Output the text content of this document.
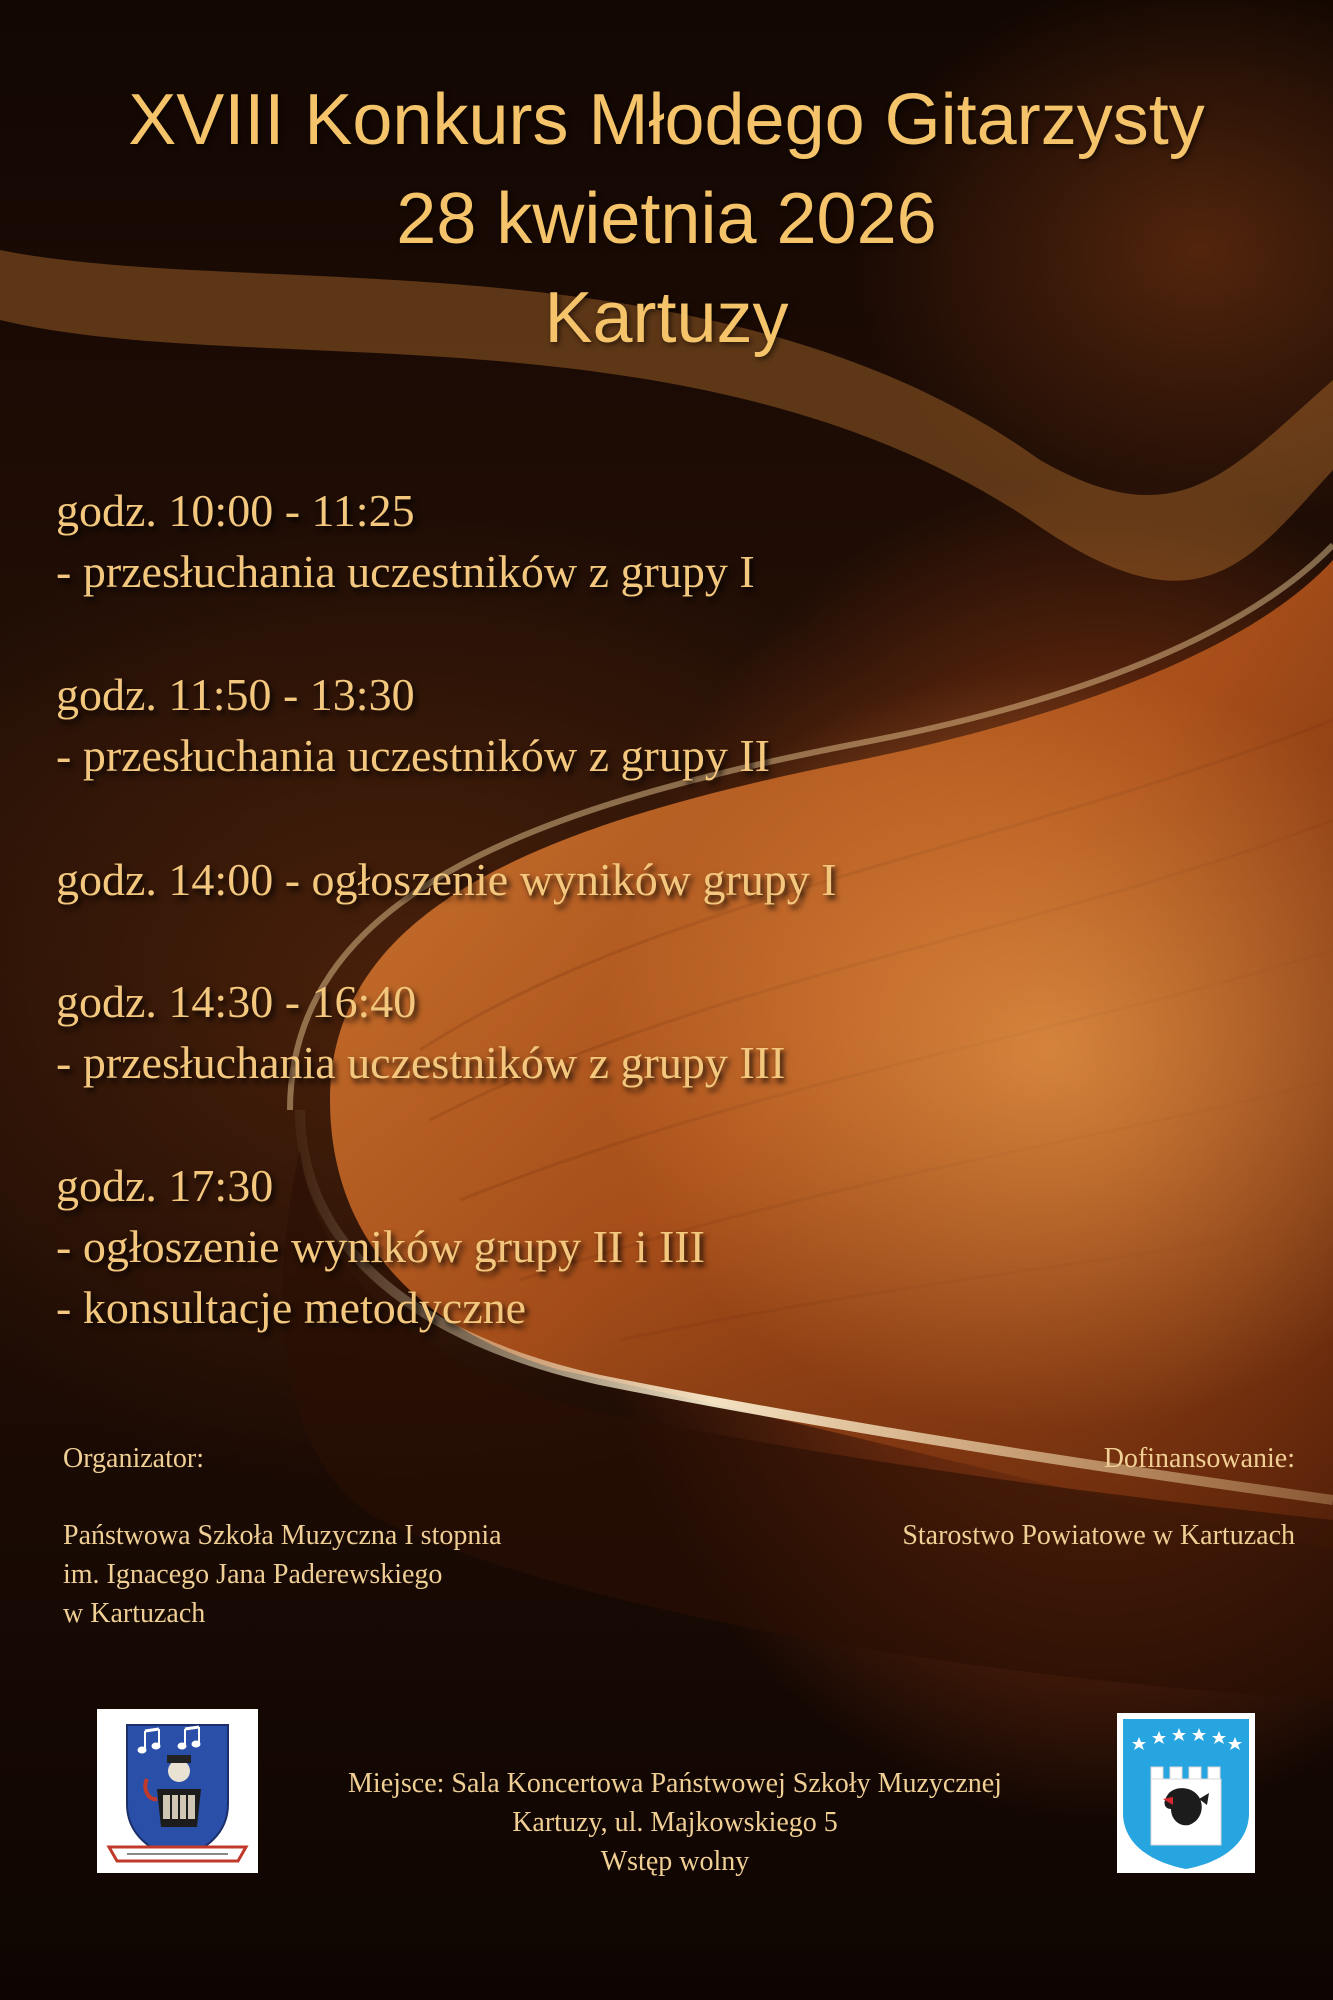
XVIII Konkurs Młodego Gitarzysty
28 kwietnia 2026
Kartuzy
godz. 10:00 - 11:25
- przesłuchania uczestników z grupy I
godz. 11:50 - 13:30
- przesłuchania uczestników z grupy II
godz. 14:00 - ogłoszenie wyników grupy I
godz. 14:30 - 16:40
- przesłuchania uczestników z grupy III
godz. 17:30
- ogłoszenie wyników grupy II i III
- konsultacje metodyczne
Organizator:
Państwowa Szkoła Muzyczna I stopnia
im. Ignacego Jana Paderewskiego
w Kartuzach
Dofinansowanie:
Starostwo Powiatowe w Kartuzach
Miejsce: Sala Koncertowa Państwowej Szkoły Muzycznej
Kartuzy, ul. Majkowskiego 5
Wstęp wolny
